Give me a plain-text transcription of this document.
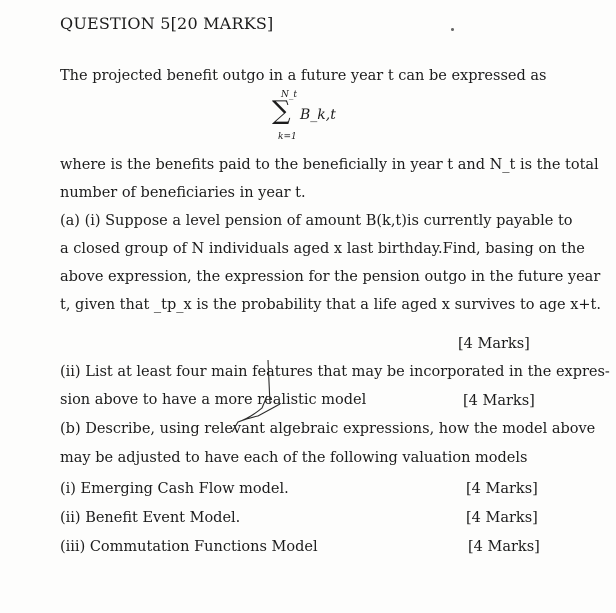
QUESTION 5[20 MARKS]
The projected benefit outgo in a future year t can be expressed as
N_t
∑ B_k,t
k=1
where is the benefits paid to the beneficially in year t and N_t is the total
number of beneficiaries in year t.
(a) (i) Suppose a level pension of amount B(k,t)is currently payable to
a closed group of N individuals aged x last birthday.Find, basing on the
above expression, the expression for the pension outgo in the future year
t, given that _tp_x is the probability that a life aged x survives to age x+t.
[4 Marks]
(ii) List at least four main features that may be incorporated in the expres-
sion above to have a more realistic model	[4 Marks]
(b) Describe, using relevant algebraic expressions, how the model above
may be adjusted to have each of the following valuation models
(i) Emerging Cash Flow model.	[4 Marks]
(ii) Benefit Event Model.	[4 Marks]
(iii) Commutation Functions Model	[4 Marks]
